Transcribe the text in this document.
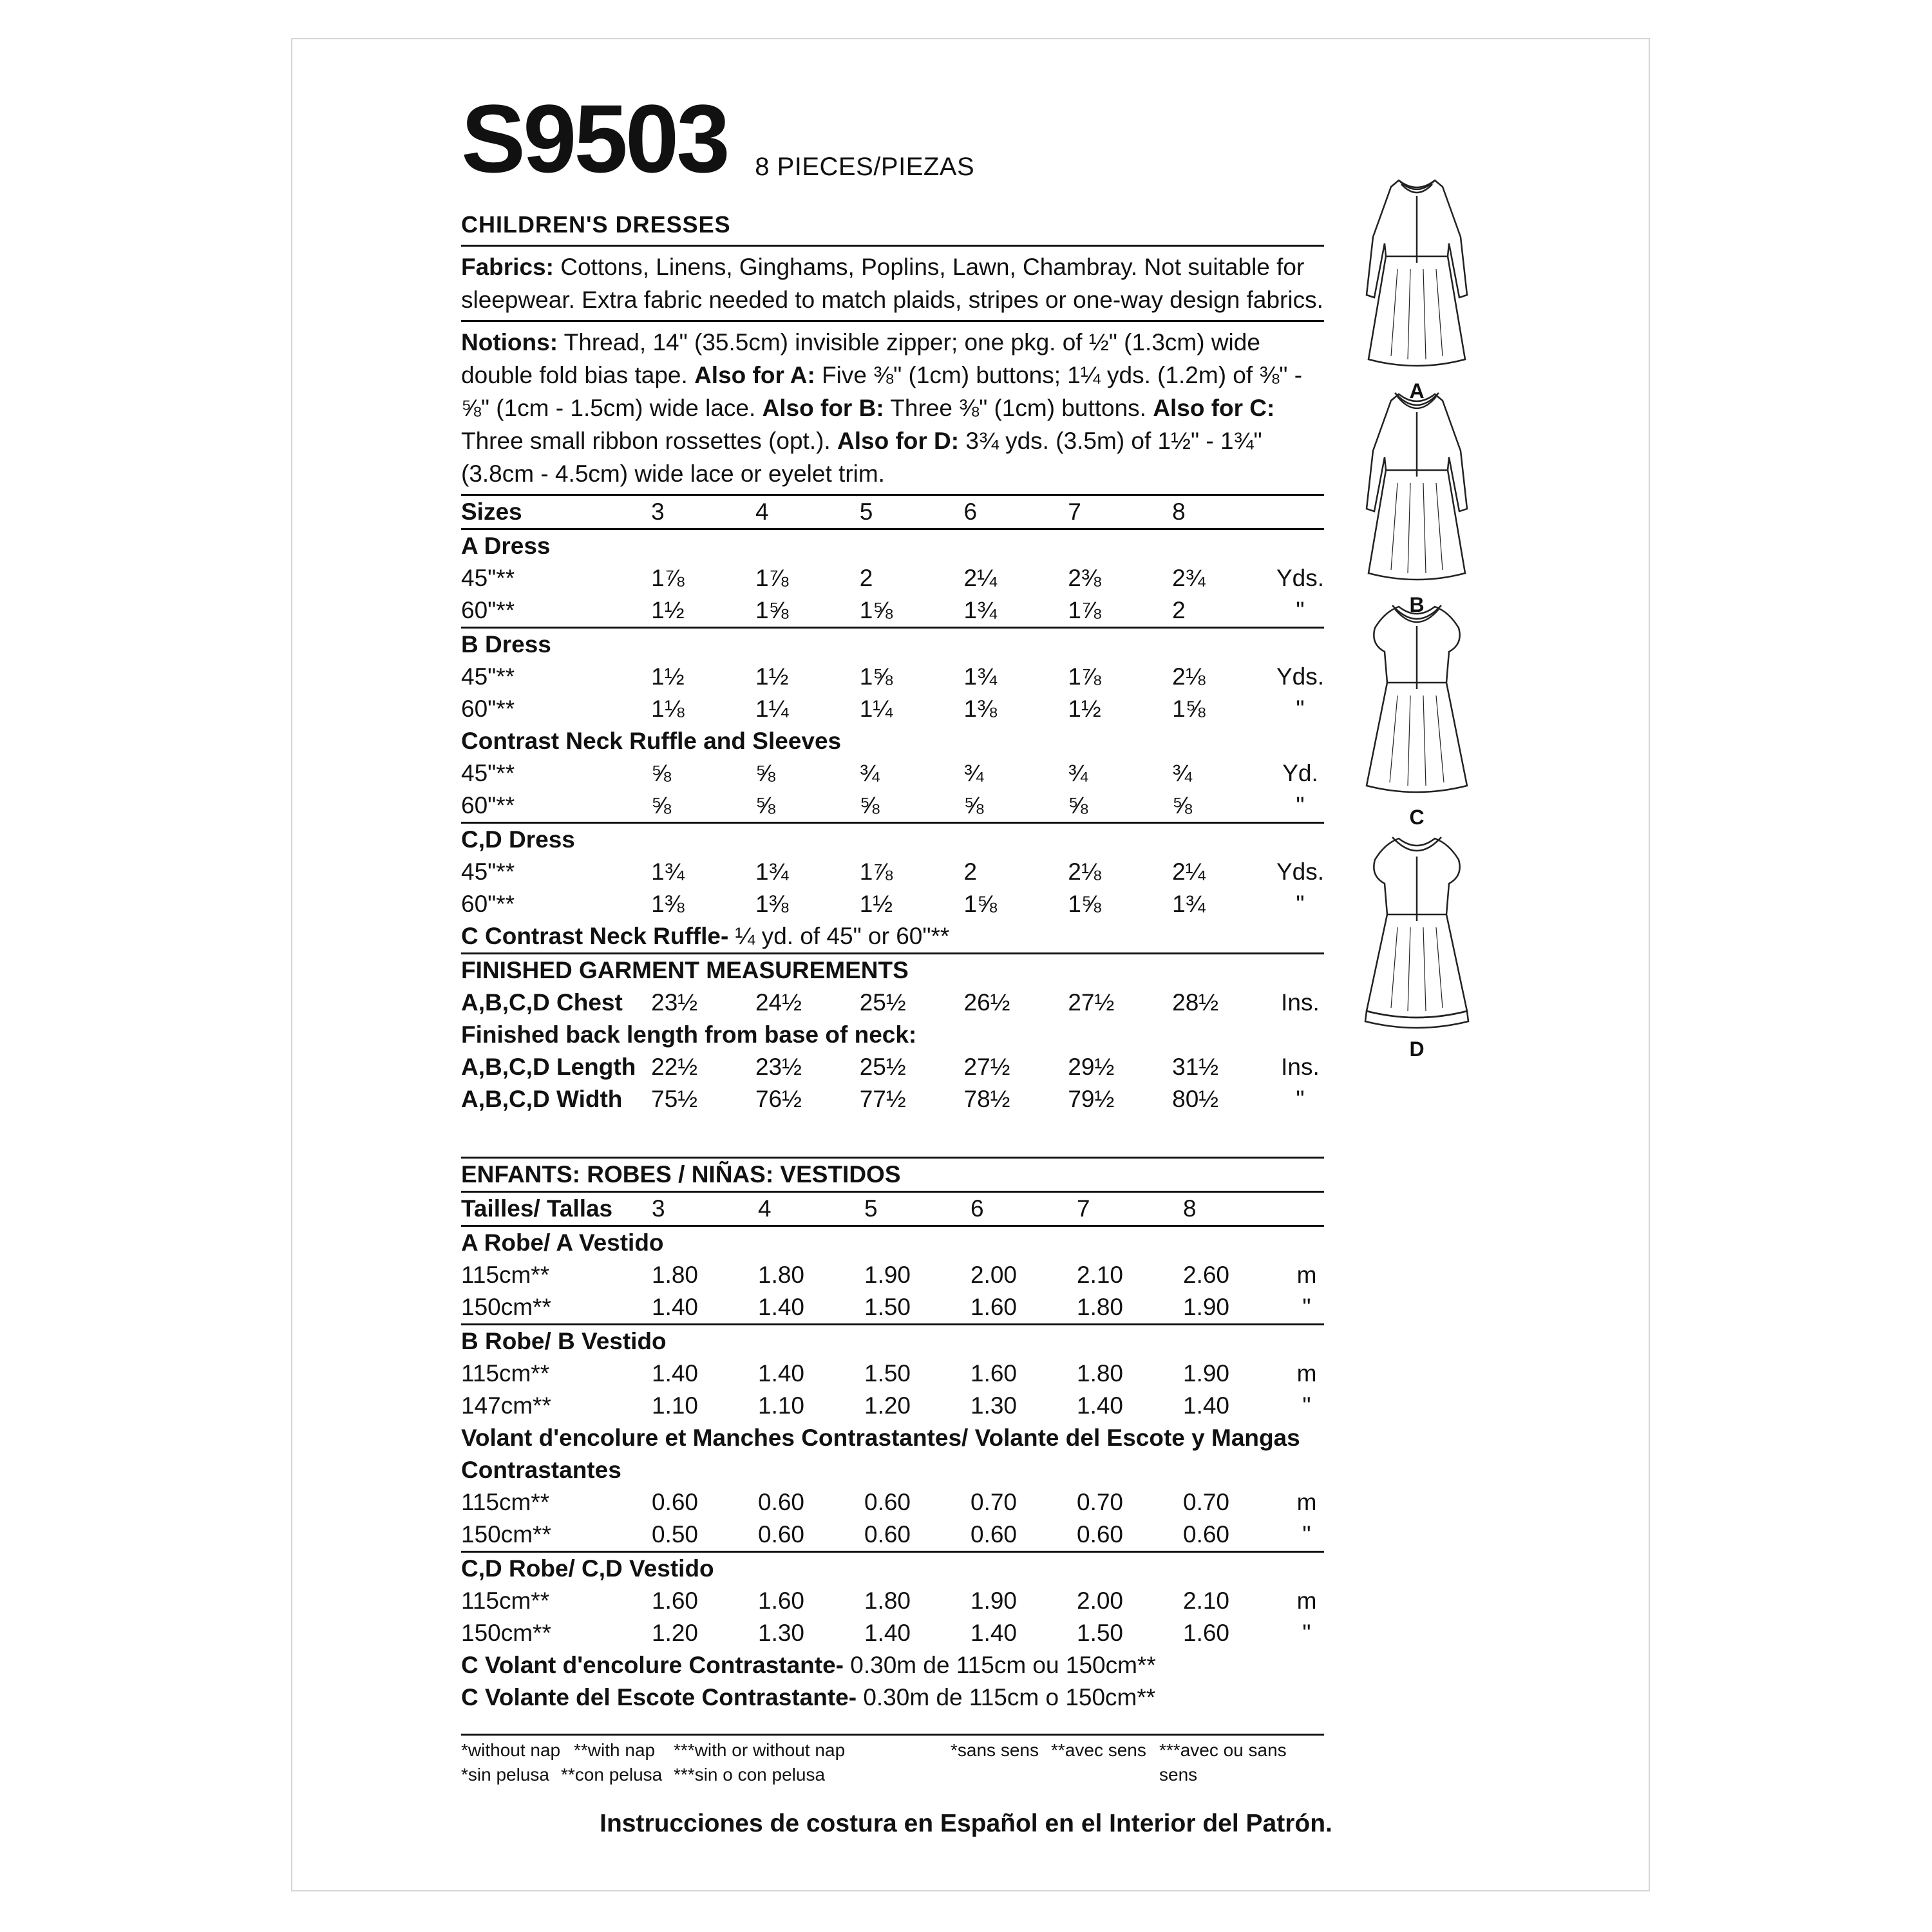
S9503 8 PIECES/PIEZAS
CHILDREN'S DRESSES
Fabrics: Cottons, Linens, Ginghams, Poplins, Lawn, Chambray. Not suitable for sleepwear. Extra fabric needed to match plaids, stripes or one-way design fabrics.
Notions: Thread, 14" (35.5cm) invisible zipper; one pkg. of ½" (1.3cm) wide double fold bias tape. Also for A: Five ⅜" (1cm) buttons; 1¼ yds. (1.2m) of ⅜" - ⅝" (1cm - 1.5cm) wide lace. Also for B: Three ⅜" (1cm) buttons. Also for C: Three small ribbon rossettes (opt.). Also for D: 3¾ yds. (3.5m) of 1½" - 1¾" (3.8cm - 4.5cm) wide lace or eyelet trim.
Sizes	3	4	5	6	7	8	
A Dress							
45"**	1⅞	1⅞	2	2¼	2⅜	2¾	Yds.
60"**	1½	1⅝	1⅝	1¾	1⅞	2	"
B Dress							
45"**	1½	1½	1⅝	1¾	1⅞	2⅛	Yds.
60"**	1⅛	1¼	1¼	1⅜	1½	1⅝	"
Contrast Neck Ruffle and Sleeves							
45"**	⅝	⅝	¾	¾	¾	¾	Yd.
60"**	⅝	⅝	⅝	⅝	⅝	⅝	"
C,D Dress							
45"**	1¾	1¾	1⅞	2	2⅛	2¼	Yds.
60"**	1⅜	1⅜	1½	1⅝	1⅝	1¾	"
C Contrast Neck Ruffle- ¼ yd. of 45" or 60"**							
FINISHED GARMENT MEASUREMENTS							
A,B,C,D Chest	23½	24½	25½	26½	27½	28½	Ins.
Finished back length from base of neck:							
A,B,C,D Length	22½	23½	25½	27½	29½	31½	Ins.
A,B,C,D Width	75½	76½	77½	78½	79½	80½	"

ENFANTS: ROBES / NIÑAS: VESTIDOS							
Tailles/ Tallas	3	4	5	6	7	8	
A Robe/ A Vestido							
115cm**	1.80	1.80	1.90	2.00	2.10	2.60	m
150cm**	1.40	1.40	1.50	1.60	1.80	1.90	"
B Robe/ B Vestido							
115cm**	1.40	1.40	1.50	1.60	1.80	1.90	m
147cm**	1.10	1.10	1.20	1.30	1.40	1.40	"
Volant d'encolure et Manches Contrastantes/ Volante del Escote y Mangas							
Contrastantes							
115cm**	0.60	0.60	0.60	0.70	0.70	0.70	m
150cm**	0.50	0.60	0.60	0.60	0.60	0.60	"
C,D Robe/ C,D Vestido							
115cm**	1.60	1.60	1.80	1.90	2.00	2.10	m
150cm**	1.20	1.30	1.40	1.40	1.50	1.60	"
C Volant d'encolure Contrastante- 0.30m de 115cm ou 150cm**							
C Volante del Escote Contrastante- 0.30m de 115cm o 150cm**							
*without nap **with nap ***with or without nap	*sans sens **avec sens ***avec ou sans sens
*sin pelusa **con pelusa ***sin o con pelusa
Instrucciones de costura en Español en el Interior del Patrón.
A
B
C
D
